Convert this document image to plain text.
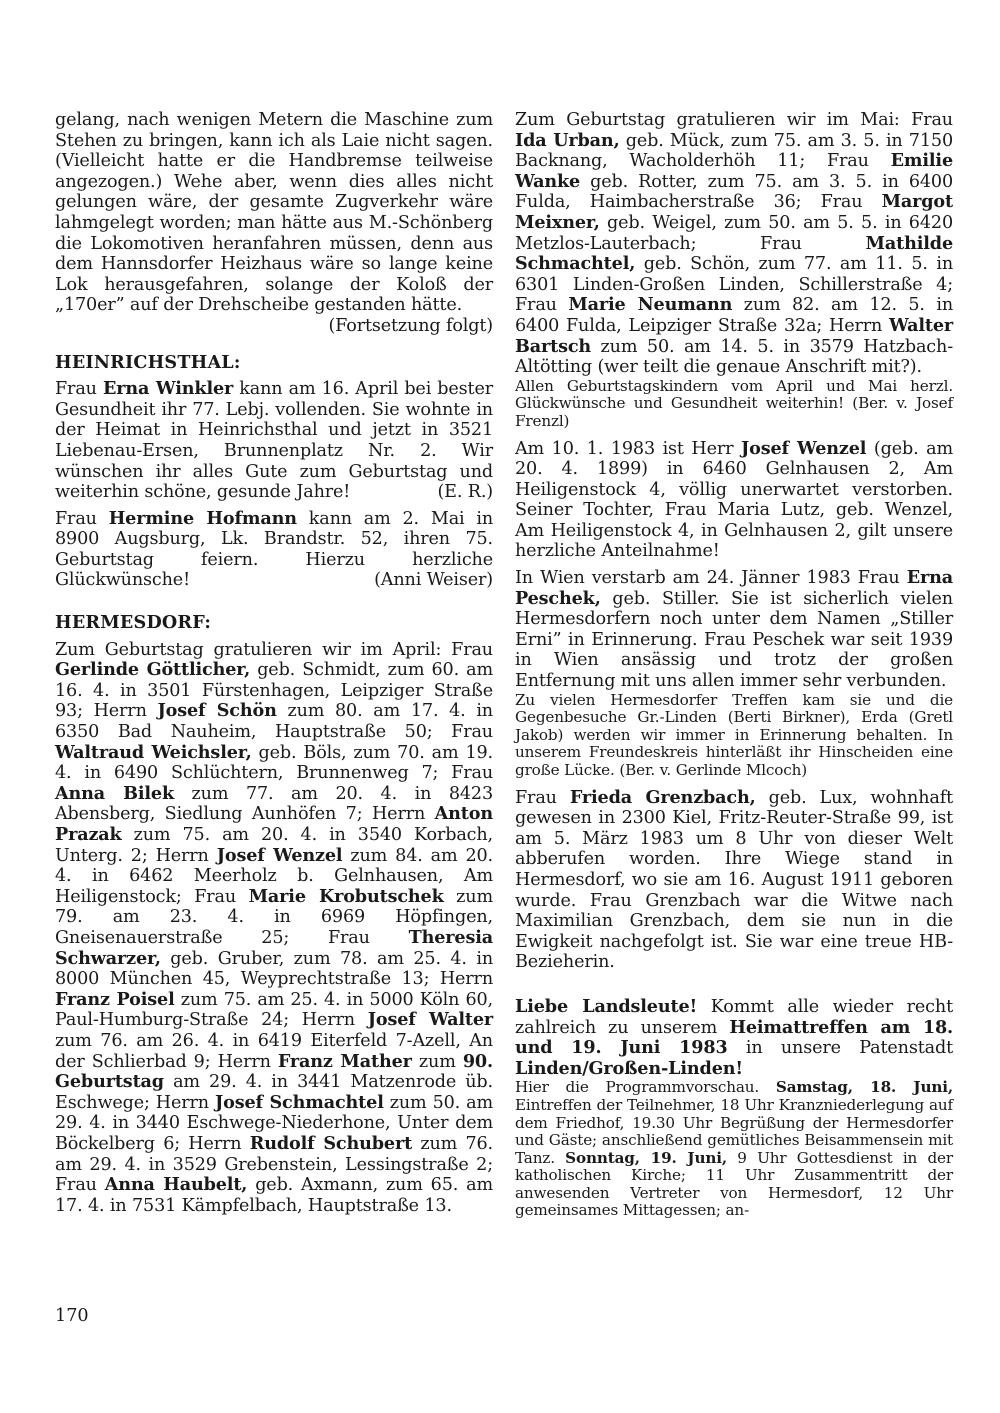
gelang, nach wenigen Metern die Maschine zum Stehen zu bringen, kann ich als Laie nicht sagen. (Vielleicht hatte er die Handbremse teilweise angezogen.) Wehe aber, wenn dies alles nicht gelungen wäre, der gesamte Zugverkehr wäre lahmgelegt worden; man hätte aus M.-Schönberg die Lokomotiven heranfahren müssen, denn aus dem Hannsdorfer Heizhaus wäre so lange keine Lok herausgefahren, solange der Koloß der „170er” auf der Drehscheibe gestanden hätte.

(Fortsetzung folgt)
HEINRICHSTHAL:

Frau Erna Winkler kann am 16. April bei bester Gesundheit ihr 77. Lebj. vollenden. Sie wohnte in der Heimat in Heinrichsthal und jetzt in 3521 Liebenau-Ersen, Brunnenplatz Nr. 2. Wir wünschen ihr alles Gute zum Geburtstag und weiterhin schöne, gesunde Jahre!	(E. R.)

Frau Hermine Hofmann kann am 2. Mai in 8900 Augsburg, Lk. Brandstr. 52, ihren 75. Geburtstag feiern. Hierzu herzliche Glückwünsche!	(Anni Weiser)
HERMESDORF:

Zum Geburtstag gratulieren wir im April: Frau Gerlinde Göttlicher, geb. Schmidt, zum 60. am 16. 4. in 3501 Fürstenhagen, Leipziger Straße 93; Herrn Josef Schön zum 80. am 17. 4. in 6350 Bad Nauheim, Hauptstraße 50; Frau Waltraud Weichsler, geb. Böls, zum 70. am 19. 4. in 6490 Schlüchtern, Brunnenweg 7; Frau Anna Bilek zum 77. am 20. 4. in 8423 Abensberg, Siedlung Aunhöfen 7; Herrn Anton Prazak zum 75. am 20. 4. in 3540 Korbach, Unterg. 2; Herrn Josef Wenzel zum 84. am 20. 4. in 6462 Meerholz b. Gelnhausen, Am Heiligenstock; Frau Marie Krobutschek zum 79. am 23. 4. in 6969 Höpfingen, Gneisenauerstraße 25; Frau Theresia Schwarzer, geb. Gruber, zum 78. am 25. 4. in 8000 München 45, Weyprechtstraße 13; Herrn Franz Poisel zum 75. am 25. 4. in 5000 Köln 60, Paul-Humburg-Straße 24; Herrn Josef Walter zum 76. am 26. 4. in 6419 Eiterfeld 7-Azell, An der Schlierbad 9; Herrn Franz Mather zum 90. Geburtstag am 29. 4. in 3441 Matzenrode üb. Eschwege; Herrn Josef Schmachtel zum 50. am 29. 4. in 3440 Eschwege-Niederhone, Unter dem Böckelberg 6; Herrn Rudolf Schubert zum 76. am 29. 4. in 3529 Grebenstein, Lessingstraße 2; Frau Anna Haubelt, geb. Axmann, zum 65. am 17. 4. in 7531 Kämpfelbach, Hauptstraße 13.

Zum Geburtstag gratulieren wir im Mai: Frau Ida Urban, geb. Mück, zum 75. am 3. 5. in 7150 Backnang, Wacholderhöh 11; Frau Emilie Wanke geb. Rotter, zum 75. am 3. 5. in 6400 Fulda, Haimbacherstraße 36; Frau Margot Meixner, geb. Weigel, zum 50. am 5. 5. in 6420 Metzlos-Lauterbach; Frau Mathilde Schmachtel, geb. Schön, zum 77. am 11. 5. in 6301 Linden-Großen Linden, Schillerstraße 4; Frau Marie Neumann zum 82. am 12. 5. in 6400 Fulda, Leipziger Straße 32a; Herrn Walter Bartsch zum 50. am 14. 5. in 3579 Hatzbach-Altötting (wer teilt die genaue Anschrift mit?).

Allen Geburtstagskindern vom April und Mai herzl. Glückwünsche und Gesundheit weiterhin! (Ber. v. Josef Frenzl)

Am 10. 1. 1983 ist Herr Josef Wenzel (geb. am 20. 4. 1899) in 6460 Gelnhausen 2, Am Heiligenstock 4, völlig unerwartet verstorben. Seiner Tochter, Frau Maria Lutz, geb. Wenzel, Am Heiligenstock 4, in Gelnhausen 2, gilt unsere herzliche Anteilnahme!

In Wien verstarb am 24. Jänner 1983 Frau Erna Peschek, geb. Stiller. Sie ist sicherlich vielen Hermesdorfern noch unter dem Namen „Stiller Erni” in Erinnerung. Frau Peschek war seit 1939 in Wien ansässig und trotz der großen Entfernung mit uns allen immer sehr verbunden.

Zu vielen Hermesdorfer Treffen kam sie und die Gegenbesuche Gr.-Linden (Berti Birkner), Erda (Gretl Jakob) werden wir immer in Erinnerung behalten. In unserem Freundeskreis hinterläßt ihr Hinscheiden eine große Lücke. (Ber. v. Gerlinde Mlcoch)

Frau Frieda Grenzbach, geb. Lux, wohnhaft gewesen in 2300 Kiel, Fritz-Reuter-Straße 99, ist am 5. März 1983 um 8 Uhr von dieser Welt abberufen worden. Ihre Wiege stand in Hermesdorf, wo sie am 16. August 1911 geboren wurde. Frau Grenzbach war die Witwe nach Maximilian Grenzbach, dem sie nun in die Ewigkeit nachgefolgt ist. Sie war eine treue HB-Bezieherin.

Liebe Landsleute! Kommt alle wieder recht zahlreich zu unserem Heimattreffen am 18. und 19. Juni 1983 in unsere Patenstadt Linden/Großen-Linden!

Hier die Programmvorschau. Samstag, 18. Juni, Eintreffen der Teilnehmer, 18 Uhr Kranzniederlegung auf dem Friedhof, 19.30 Uhr Begrüßung der Hermesdorfer und Gäste; anschließend gemütliches Beisammensein mit Tanz. Sonntag, 19. Juni, 9 Uhr Gottesdienst in der katholischen Kirche; 11 Uhr Zusammentritt der anwesenden Vertreter von Hermesdorf, 12 Uhr gemeinsames Mittagessen; an-

170
